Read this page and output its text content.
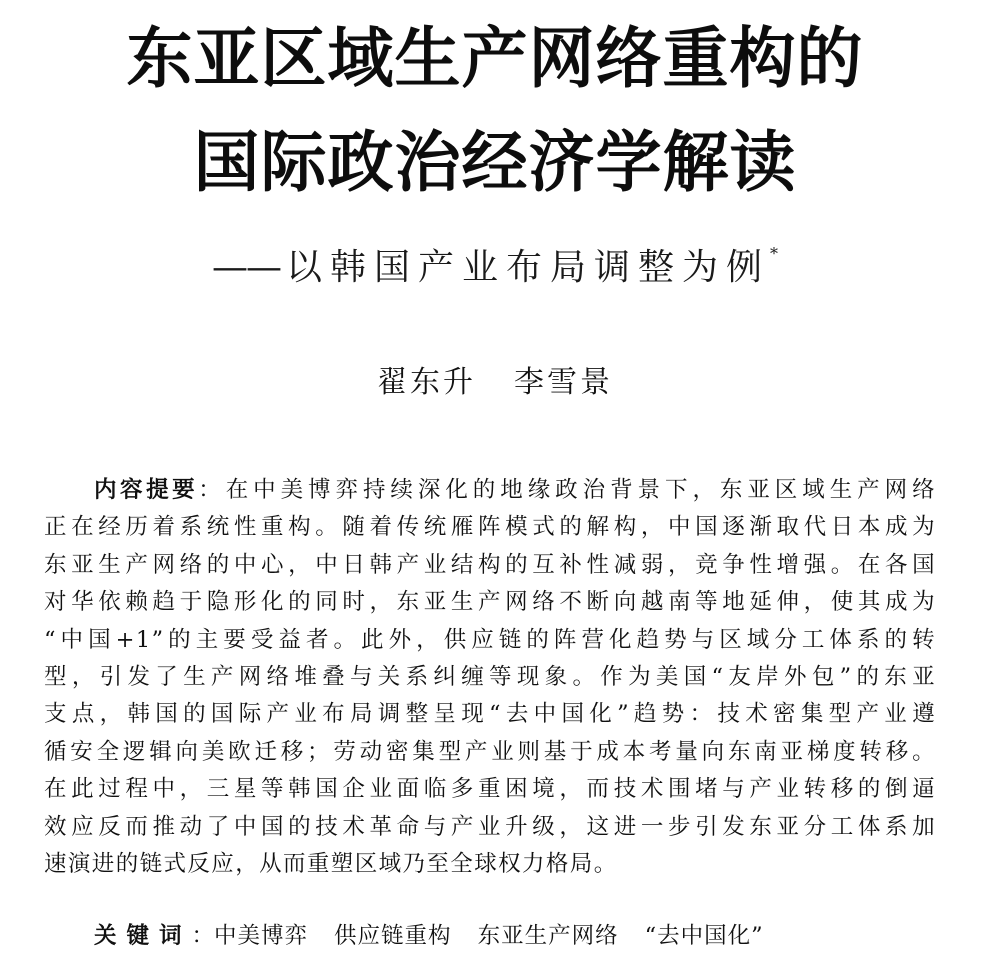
东亚区域生产网络重构的
国际政治经济学解读
—— 以韩国产业布局调整为例*
翟东升 李雪景
内容提要：在中美博弈持续深化的地缘政治背景下，东亚区域生产网络
正在经历着系统性重构。随着传统雁阵模式的解构，中国逐渐取代日本成为
东亚生产网络的中心，中日韩产业结构的互补性减弱，竞争性增强。在各国
对华依赖趋于隐形化的同时，东亚生产网络不断向越南等地延伸，使其成为
“中国+1”的主要受益者。此外，供应链的阵营化趋势与区域分工体系的转
型，引发了生产网络堆叠与关系纠缠等现象。作为美国“友岸外包”的东亚
支点，韩国的国际产业布局调整呈现“去中国化”趋势：技术密集型产业遵
循安全逻辑向美欧迁移；劳动密集型产业则基于成本考量向东南亚梯度转移。
在此过程中，三星等韩国企业面临多重困境，而技术围堵与产业转移的倒逼
效应反而推动了中国的技术革命与产业升级，这进一步引发东亚分工体系加
速演进的链式反应，从而重塑区域乃至全球权力格局。
关键词：中美博弈 供应链重构 东亚生产网络 “去中国化”
